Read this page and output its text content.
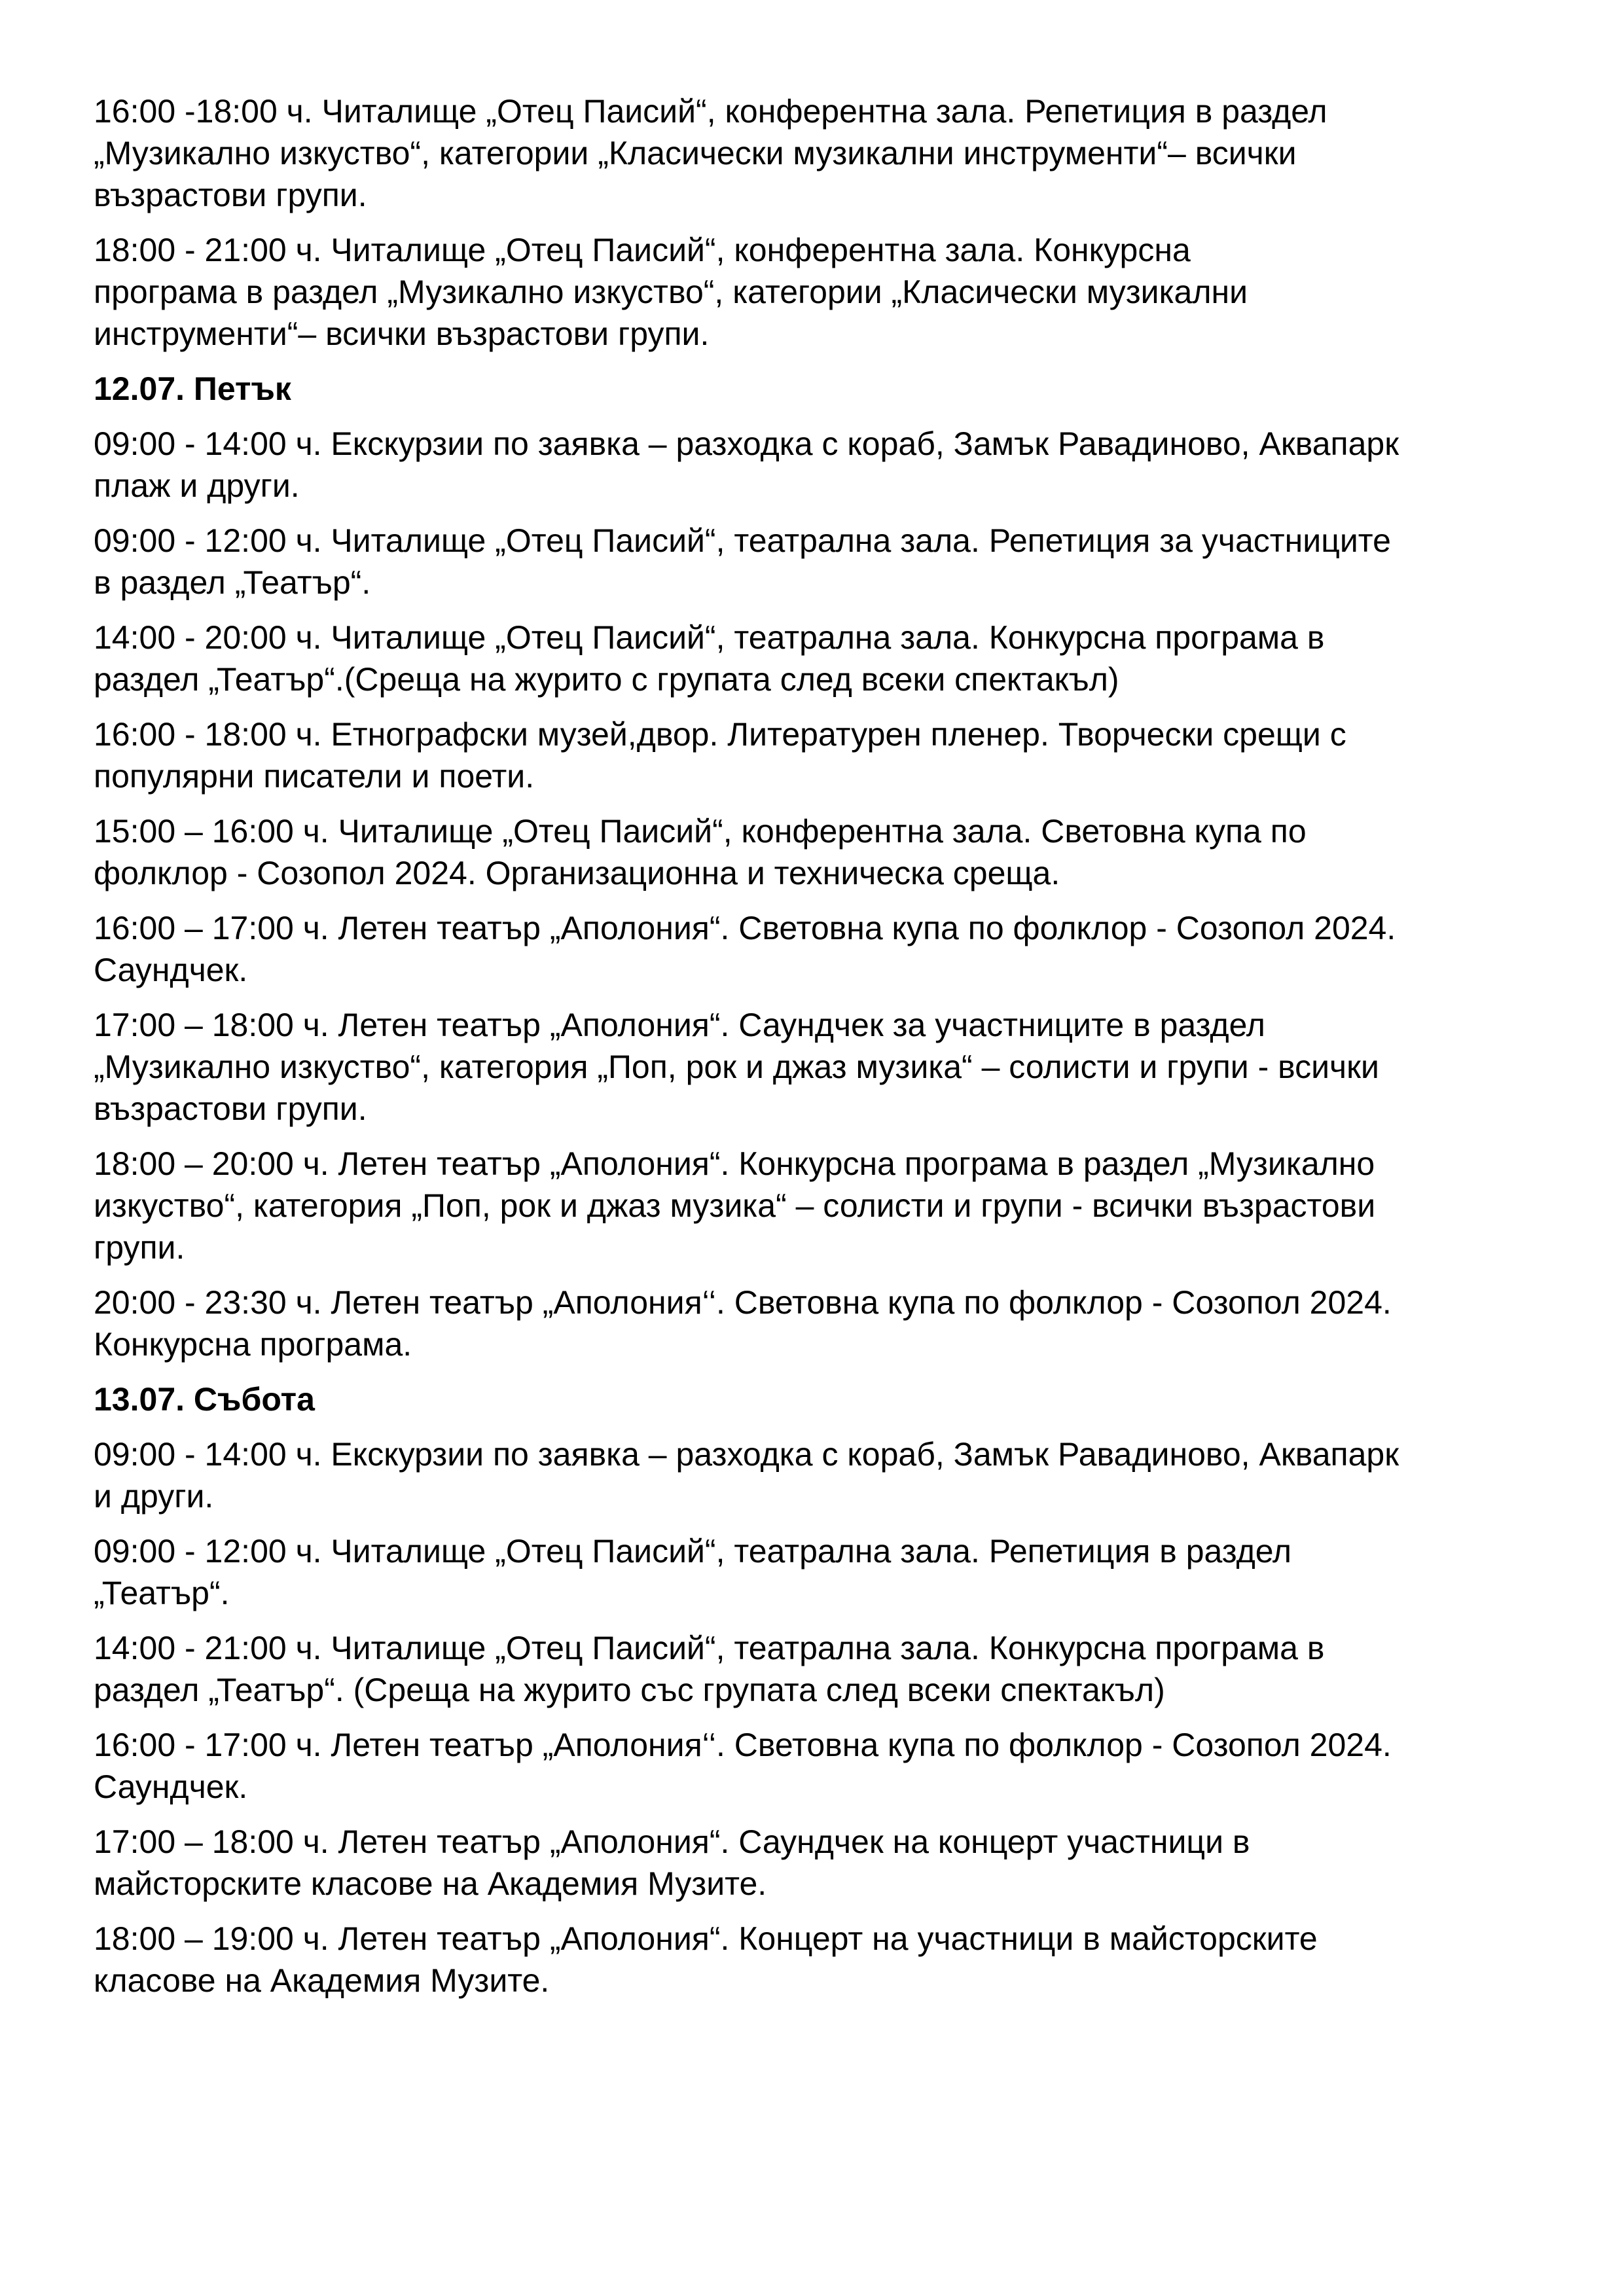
16:00 -18:00 ч. Читалище „Отец Паисий“, конферентна зала. Репетиция в раздел
„Музикално изкуство“, категории „Класически музикални инструменти“– всички
възрастови групи.

18:00 - 21:00 ч. Читалище „Отец Паисий“, конферентна зала. Конкурсна
програма в раздел „Музикално изкуство“, категории „Класически музикални
инструменти“– всички възрастови групи.

12.07. Петък

09:00 - 14:00 ч. Екскурзии по заявка – разходка с кораб, Замък Равадиново, Аквапарк
плаж и други.

09:00 - 12:00 ч. Читалище „Отец Паисий“, театрална зала. Репетиция за участниците
в раздел „Театър“.

14:00 - 20:00 ч. Читалище „Отец Паисий“, театрална зала. Конкурсна програма в
раздел „Театър“.(Среща на журито с групата след всеки спектакъл)

16:00 - 18:00 ч. Етнографски музей,двор. Литературен пленер. Творчески срещи с
популярни писатели и поети.

15:00 – 16:00 ч. Читалище „Отец Паисий“, конферентна зала. Световна купа по
фолклор - Созопол 2024. Организационна и техническа среща.

16:00 – 17:00 ч. Летен театър „Аполония“. Световна купа по фолклор - Созопол 2024.
Саундчек.

17:00 – 18:00 ч. Летен театър „Аполония“. Саундчек за участниците в раздел
„Музикално изкуство“, категория „Поп, рок и джаз музика“ – солисти и групи - всички
възрастови групи.

18:00 – 20:00 ч. Летен театър „Аполония“. Конкурсна програма в раздел „Музикално
изкуство“, категория „Поп, рок и джаз музика“ – солисти и групи - всички възрастови
групи.

20:00 - 23:30 ч. Летен театър „Аполония‘‘. Световна купа по фолклор - Созопол 2024.
Конкурсна програма.

13.07. Събота

09:00 - 14:00 ч. Екскурзии по заявка – разходка с кораб, Замък Равадиново, Аквапарк
и други.

09:00 - 12:00 ч. Читалище „Отец Паисий“, театрална зала. Репетиция в раздел
„Театър“.

14:00 - 21:00 ч. Читалище „Отец Паисий“, театрална зала. Конкурсна програма в
раздел „Театър“. (Среща на журито със групата след всеки спектакъл)

16:00 - 17:00 ч. Летен театър „Аполония‘‘. Световна купа по фолклор - Созопол 2024.
Саундчек.

17:00 – 18:00 ч. Летен театър „Аполония“. Саундчек на концерт участници в
майсторските класове на Академия Музите.

18:00 – 19:00 ч. Летен театър „Аполония“. Концерт на участници в майсторските
класове на Академия Музите.
